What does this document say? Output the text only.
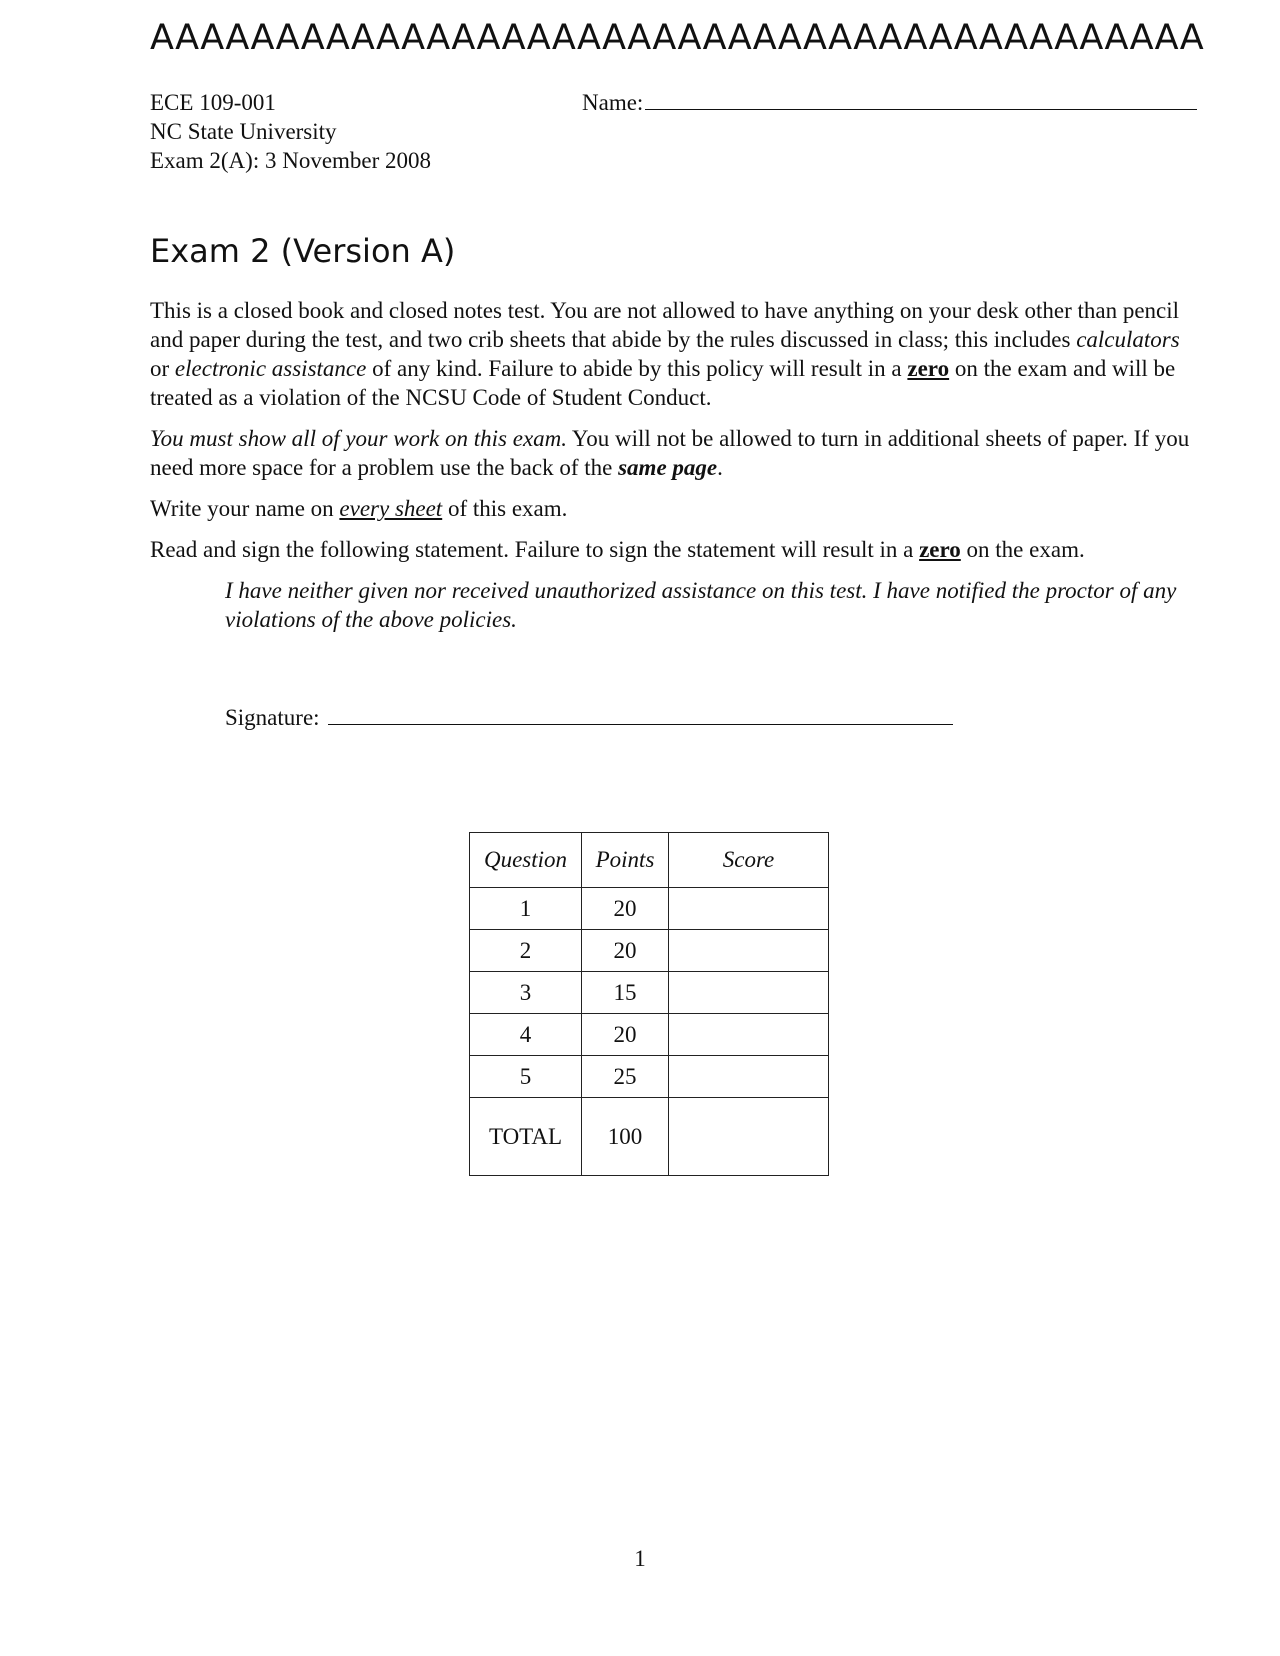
AAAAAAAAAAAAAAAAAAAAAAAAAAAAAAAAAAAAAAAAAA
ECE 109-001
NC State University
Exam 2(A): 3 November 2008
Name:
Exam 2 (Version A)
This is a closed book and closed notes test. You are not allowed to have anything on your desk other than pencil and paper during the test, and two crib sheets that abide by the rules discussed in class; this includes calculators or electronic assistance of any kind. Failure to abide by this policy will result in a zero on the exam and will be treated as a violation of the NCSU Code of Student Conduct.
You must show all of your work on this exam. You will not be allowed to turn in additional sheets of paper. If you need more space for a problem use the back of the same page.
Write your name on every sheet of this exam.
Read and sign the following statement. Failure to sign the statement will result in a zero on the exam.
I have neither given nor received unauthorized assistance on this test. I have notified the proctor of any violations of the above policies.
Signature:
Question	Points	Score
1	20	
2	20	
3	15	
4	20	
5	25	
TOTAL	100	
1
